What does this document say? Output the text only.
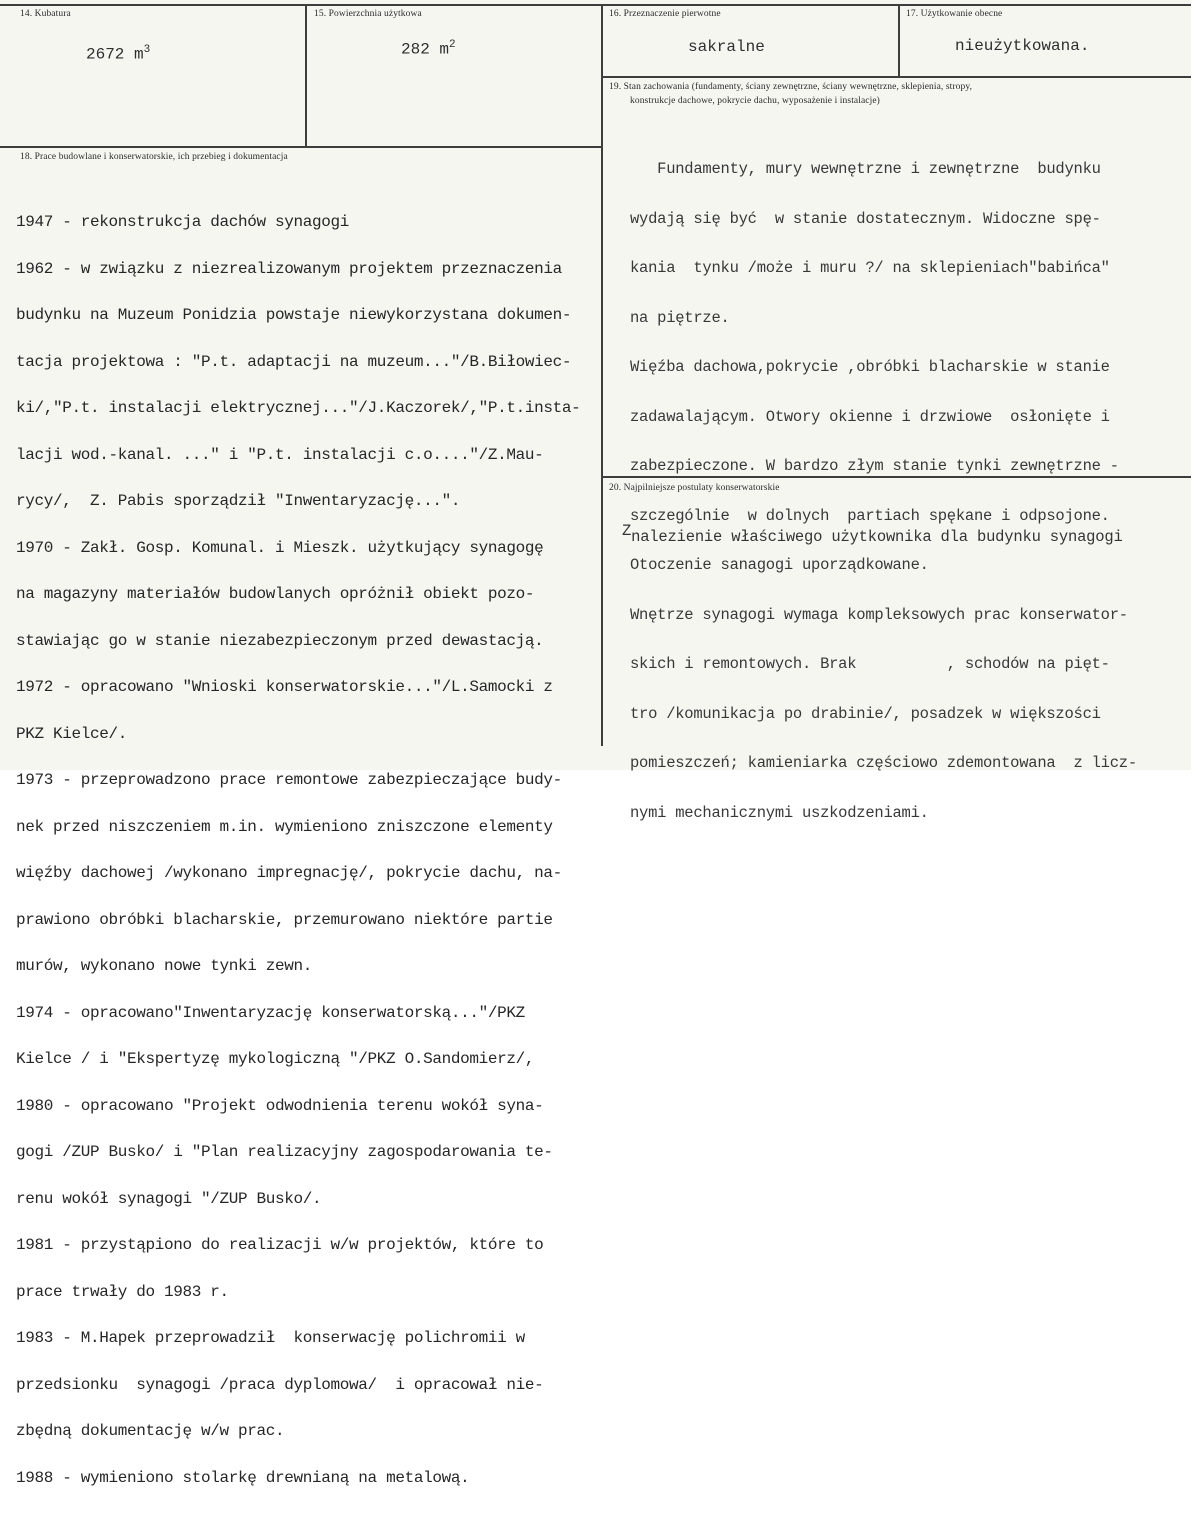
14. Kubatura
2672 $m^3$
15. Powierzchnia użytkowa
282 $m^2$
16. Przeznaczenie pierwotne
sakralne
17. Użytkowanie obecne
nieużytkowana.
18. Prace budowlane i konserwatorskie, ich przebieg i dokumentacja

1947 - rekonstrukcja dachów synagogi

1962 - w związku z niezrealizowanym projektem przeznaczenia

budynku na Muzeum Ponidzia powstaje niewykorzystana dokumen-

tacja projektowa : "P.t. adaptacji na muzeum..."/B.Biłowiec-

ki/,"P.t. instalacji elektrycznej..."/J.Kaczorek/,"P.t.insta-

lacji wod.-kanal. ..." i "P.t. instalacji c.o...."/Z.Mau-

rycy/,  Z. Pabis sporządził "Inwentaryzację...".

1970 - Zakł. Gosp. Komunal. i Mieszk. użytkujący synagogę

na magazyny materiałów budowlanych opróżnił obiekt pozo-

stawiając go w stanie niezabezpieczonym przed dewastacją.

1972 - opracowano "Wnioski konserwatorskie..."/L.Samocki z

PKZ Kielce/.

1973 - przeprowadzono prace remontowe zabezpieczające budy-

nek przed niszczeniem m.in. wymieniono zniszczone elementy

więźby dachowej /wykonano impregnację/, pokrycie dachu, na-

prawiono obróbki blacharskie, przemurowano niektóre partie

murów, wykonano nowe tynki zewn.

1974 - opracowano"Inwentaryzację konserwatorską..."/PKZ

Kielce / i "Ekspertyzę mykologiczną "/PKZ O.Sandomierz/,

1980 - opracowano "Projekt odwodnienia terenu wokół syna-

gogi /ZUP Busko/ i "Plan realizacyjny zagospodarowania te-

renu wokół synagogi "/ZUP Busko/.

1981 - przystąpiono do realizacji w/w projektów, które to

prace trwały do 1983 r.

1983 - M.Hapek przeprowadził  konserwację polichromii w

przedsionku  synagogi /praca dyplomowa/  i opracował nie-

zbędną dokumentację w/w prac.

1988 - wymieniono stolarkę drewnianą na metalową.

19. Stan zachowania (fundamenty, ściany zewnętrzne, ściany wewnętrzne, sklepienia, stropy,
konstrukcje dachowe, pokrycie dachu, wyposażenie i instalacje)

Fundamenty, mury wewnętrzne i zewnętrzne  budynku

wydają się być  w stanie dostatecznym. Widoczne spę-

kania  tynku /może i muru ?/ na sklepieniach"babińca"

na piętrze.

Więźba dachowa,pokrycie ,obróbki blacharskie w stanie

zadawalającym. Otwory okienne i drzwiowe  osłonięte i

zabezpieczone. W bardzo złym stanie tynki zewnętrzne -

szczególnie  w dolnych  partiach spękane i odpsojone.

Otoczenie sanagogi uporządkowane.

Wnętrze synagogi wymaga kompleksowych prac konserwator-

skich i remontowych. Brak          , schodów na pięt-

tro /komunikacja po drabinie/, posadzek w większości

pomieszczeń; kamieniarka częściowo zdemontowana  z licz-

nymi mechanicznymi uszkodzeniami.

20. Najpilniejsze postulaty konserwatorskie
Znalezienie właściwego użytkownika dla budynku synagogi
